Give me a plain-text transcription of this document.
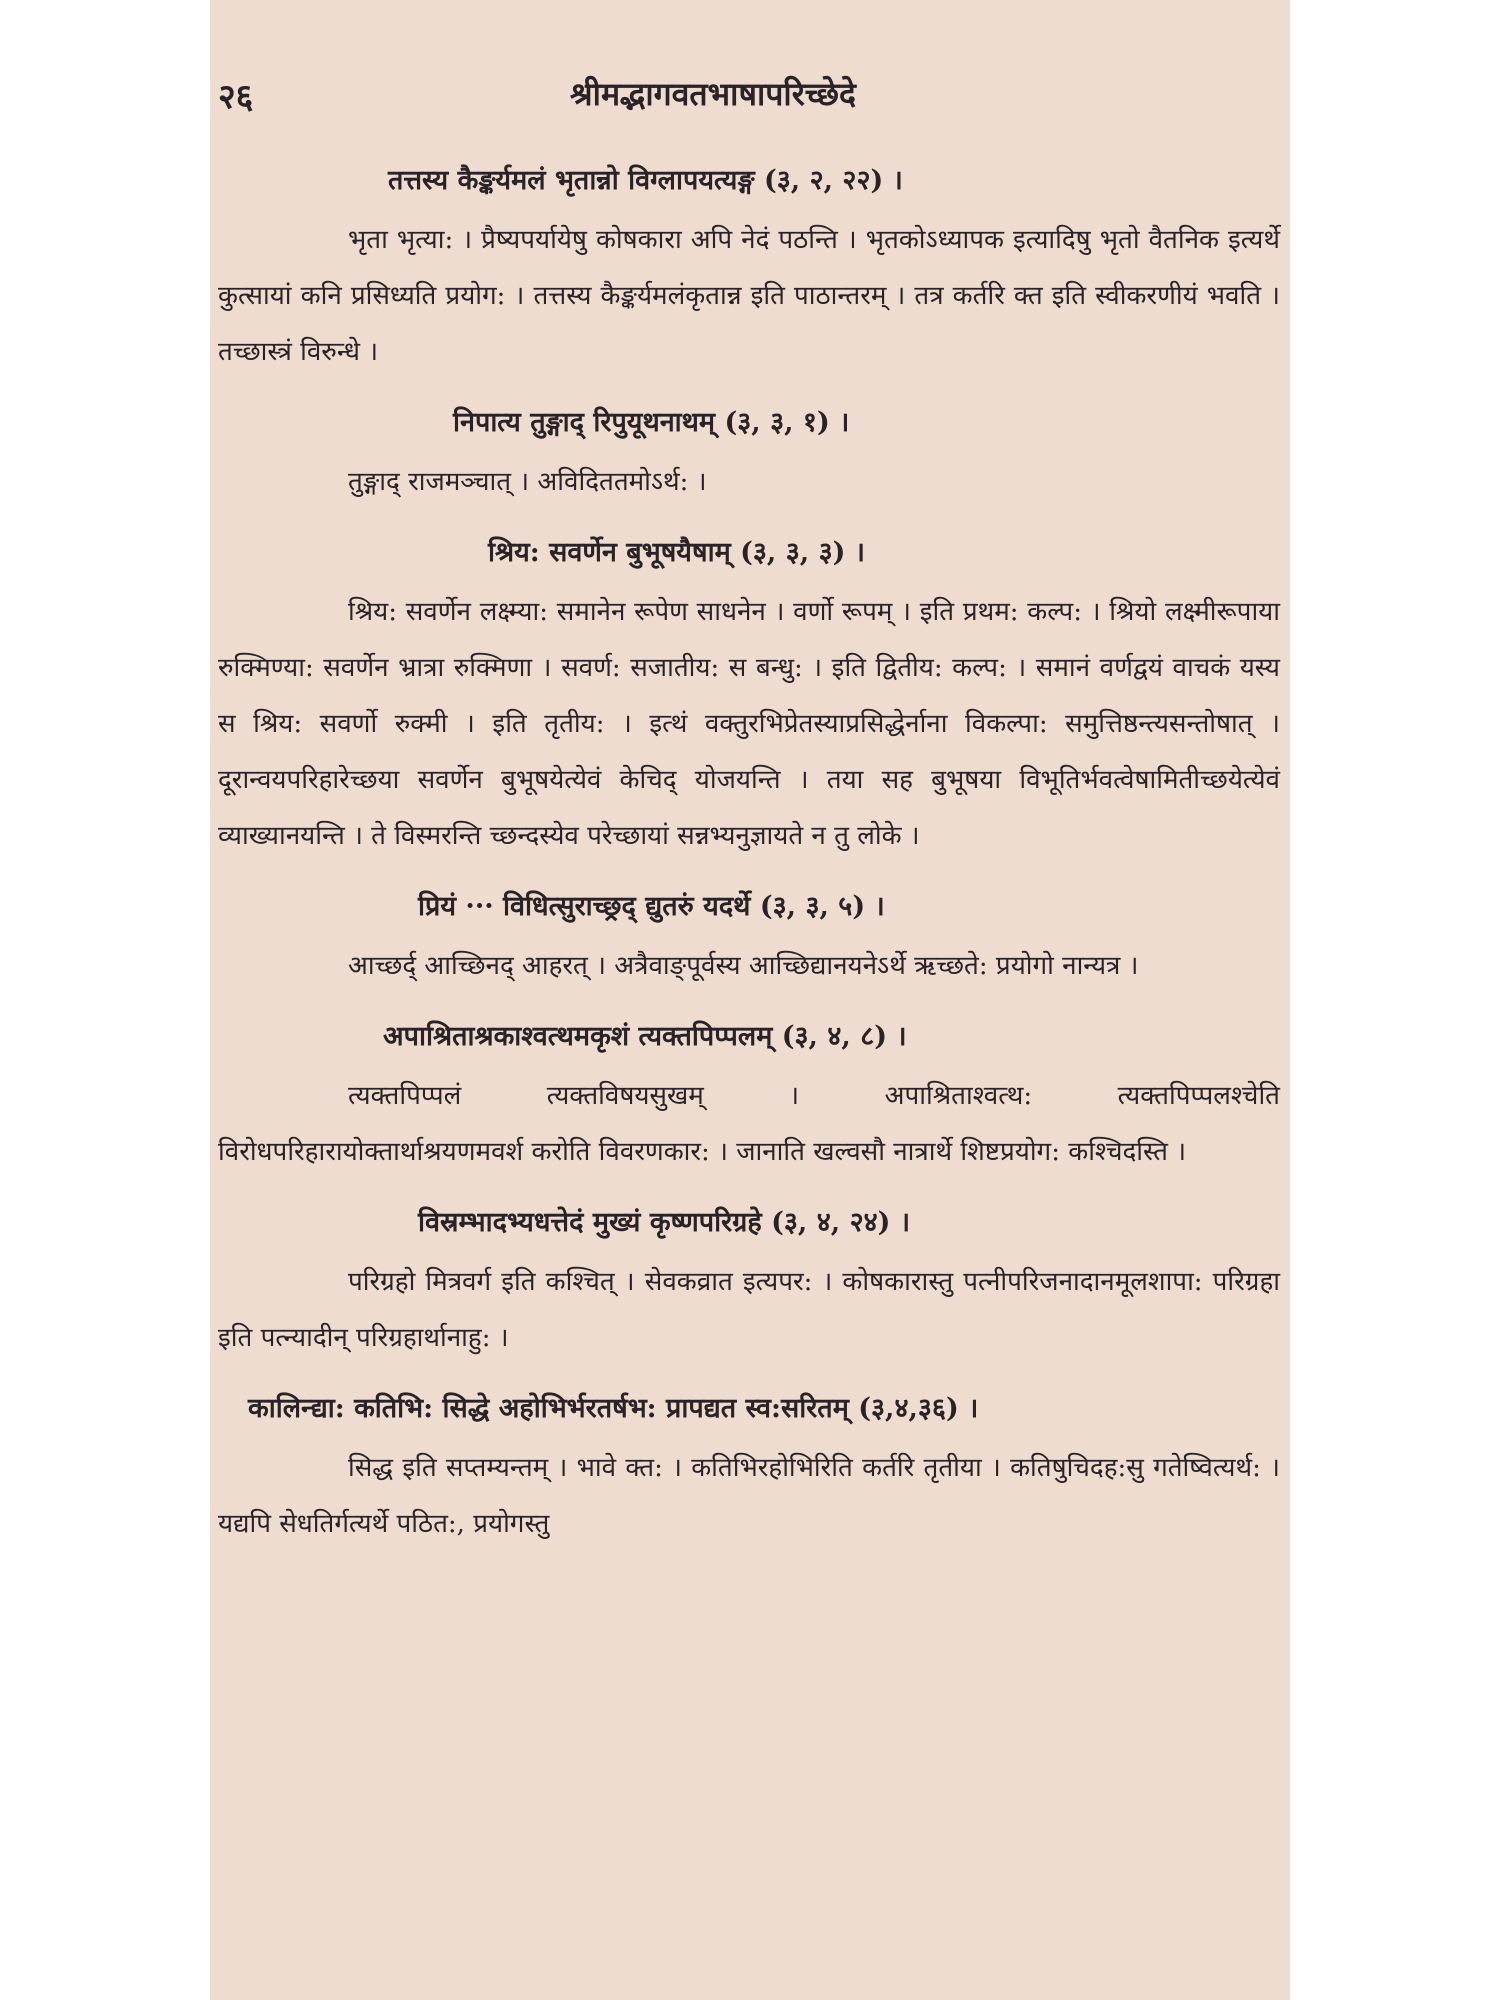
२६	श्रीमद्भागवतभाषापरिच्छेदे
तत्तस्य कैङ्कर्यमलं भृतान्नो विग्लापयत्यङ्ग (३, २, २२) ।

भृता भृत्या: । प्रैष्यपर्यायेषु कोषकारा अपि नेदं पठन्ति । भृतकोऽध्यापक इत्यादिषु भृतो वैतनिक इत्यर्थे कुत्सायां कनि प्रसिध्यति प्रयोग: । तत्तस्य कैङ्कर्यमलंकृतान्न इति पाठान्तरम् । तत्र कर्तरि क्त इति स्वीकरणीयं भवति । तच्छास्त्रं विरुन्धे ।

निपात्य तुङ्गाद् रिपुयूथनाथम् (३, ३, १) ।

तुङ्गाद् राजमञ्चात् । अविदिततमोऽर्थ: ।

श्रिय: सवर्णेन बुभूषयैषाम् (३, ३, ३) ।

श्रिय: सवर्णेन लक्ष्म्या: समानेन रूपेण साधनेन । वर्णो रूपम् । इति प्रथम: कल्प: । श्रियो लक्ष्मीरूपाया रुक्मिण्या: सवर्णेन भ्रात्रा रुक्मिणा । सवर्ण: सजातीय: स बन्धु: । इति द्वितीय: कल्प: । समानं वर्णद्वयं वाचकं यस्य स श्रिय: सवर्णो रुक्मी । इति तृतीय: । इत्थं वक्तुरभिप्रेतस्याप्रसिद्धेर्नाना विकल्पा: समुत्तिष्ठन्त्यसन्तोषात् । दूरान्वयपरिहारेच्छया सवर्णेन बुभूषयेत्येवं केचिद् योजयन्ति । तया सह बुभूषया विभूतिर्भवत्वेषामितीच्छयेत्येवं व्याख्यानयन्ति । ते विस्मरन्ति च्छन्दस्येव परेच्छायां सन्नभ्यनुज्ञायते न तु लोके ।

प्रियं ··· विधित्सुराच्छ्रद् द्युतरुं यदर्थे (३, ३, ५) ।

आच्छर्द् आच्छिनद् आहरत् । अत्रैवाङ्पूर्वस्य आच्छिद्यानयनेऽर्थे ऋच्छते: प्रयोगो नान्यत्र ।

अपाश्रिताश्रकाश्वत्थमकृशं त्यक्तपिप्पलम् (३, ४, ८) ।

त्यक्तपिप्पलं त्यक्तविषयसुखम् । अपाश्रिताश्वत्थ: त्यक्तपिप्पलश्चेति विरोधपरिहारायोक्तार्थाश्रयणमवर्श करोति विवरणकार: । जानाति खल्वसौ नात्रार्थे शिष्टप्रयोग: कश्चिदस्ति ।

विस्रम्भादभ्यधत्तेदं मुख्यं कृष्णपरिग्रहे (३, ४, २४) ।

परिग्रहो मित्रवर्ग इति कश्चित् । सेवकव्रात इत्यपर: । कोषकारास्तु पत्नीपरिजनादानमूलशापा: परिग्रहा इति पत्न्यादीन् परिग्रहार्थानाहु: ।

कालिन्द्या: कतिभि: सिद्धे अहोभिर्भरतर्षभ: प्रापद्यत स्व:सरितम् (३,४,३६) ।

सिद्ध इति सप्तम्यन्तम् । भावे क्त: । कतिभिरहोभिरिति कर्तरि तृतीया । कतिषुचिदह:सु गतेष्वित्यर्थ: । यद्यपि सेधतिर्गत्यर्थे पठित:, प्रयोगस्तु
